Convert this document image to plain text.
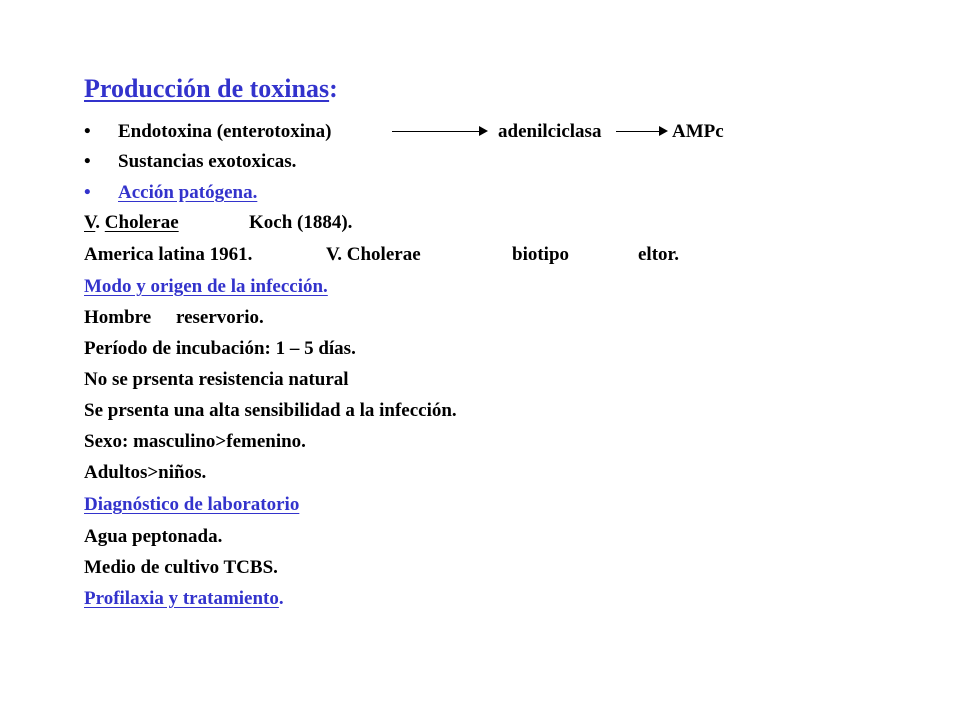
Producción de toxinas:
• Endotoxina (enterotoxina)	adenilciclasa	AMPc
• Sustancias exotoxicas.
• Acción patógena.
V. Cholerae	Koch (1884).
America latina 1961.	V. Cholerae	biotipo	eltor.
Modo y origen de la infección.
Hombre reservorio.
Período de incubación: 1 – 5 días.
No se prsenta resistencia natural
Se prsenta una alta sensibilidad a la infección.
Sexo: masculino>femenino.
Adultos>niños.
Diagnóstico de laboratorio
Agua peptonada.
Medio de cultivo TCBS.
Profilaxia y tratamiento.
